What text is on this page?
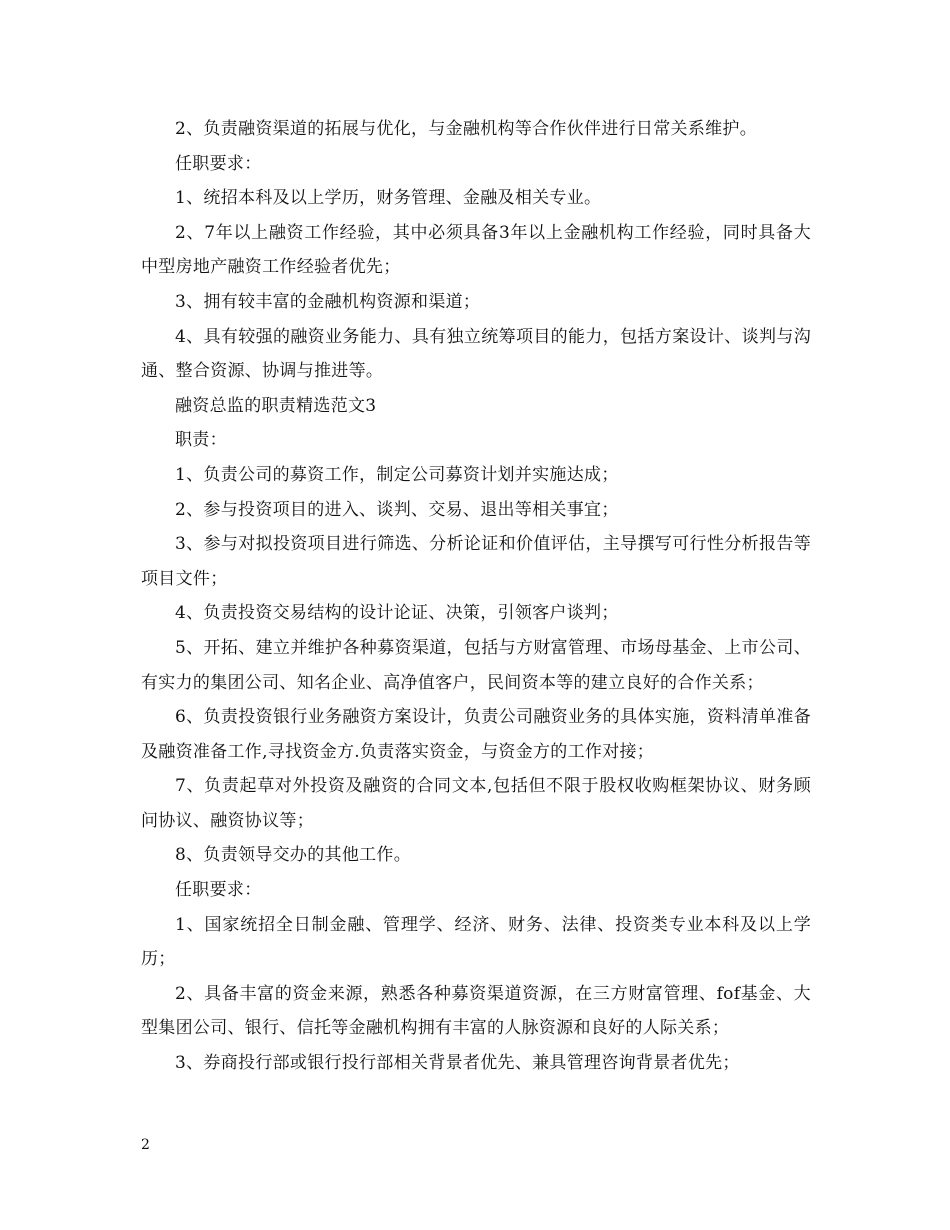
2、负责融资渠道的拓展与优化，与金融机构等合作伙伴进行日常关系维护。

任职要求：

1、统招本科及以上学历，财务管理、金融及相关专业。

2、7年以上融资工作经验，其中必须具备3年以上金融机构工作经验，同时具备大中型房地产融资工作经验者优先；

3、拥有较丰富的金融机构资源和渠道；

4、具有较强的融资业务能力、具有独立统筹项目的能力，包括方案设计、谈判与沟通、整合资源、协调与推进等。

融资总监的职责精选范文3

职责：

1、负责公司的募资工作，制定公司募资计划并实施达成；

2、参与投资项目的进入、谈判、交易、退出等相关事宜；

3、参与对拟投资项目进行筛选、分析论证和价值评估，主导撰写可行性分析报告等项目文件；

4、负责投资交易结构的设计论证、决策，引领客户谈判；

5、开拓、建立并维护各种募资渠道，包括与方财富管理、市场母基金、上市公司、有实力的集团公司、知名企业、高净值客户，民间资本等的建立良好的合作关系；

6、负责投资银行业务融资方案设计，负责公司融资业务的具体实施，资料清单准备及融资准备工作,寻找资金方.负责落实资金，与资金方的工作对接；

7、负责起草对外投资及融资的合同文本,包括但不限于股权收购框架协议、财务顾问协议、融资协议等；

8、负责领导交办的其他工作。

任职要求：

1、国家统招全日制金融、管理学、经济、财务、法律、投资类专业本科及以上学历；

2、具备丰富的资金来源，熟悉各种募资渠道资源，在三方财富管理、fof基金、大型集团公司、银行、信托等金融机构拥有丰富的人脉资源和良好的人际关系；

3、券商投行部或银行投行部相关背景者优先、兼具管理咨询背景者优先；

2
